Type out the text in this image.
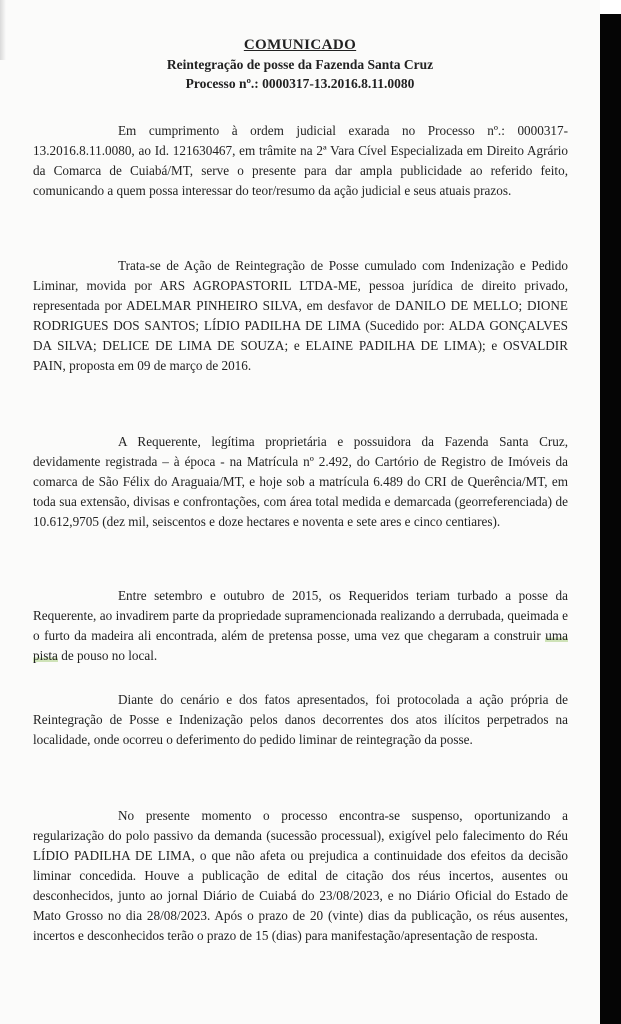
COMUNICADO
Reintegração de posse da Fazenda Santa Cruz
Processo nº.: 0000317-13.2016.8.11.0080

Em cumprimento à ordem judicial exarada no Processo nº.: 0000317-13.2016.8.11.0080, ao Id. 121630467, em trâmite na 2ª Vara Cível Especializada em Direito Agrário da Comarca de Cuiabá/MT, serve o presente para dar ampla publicidade ao referido feito, comunicando a quem possa interessar do teor/resumo da ação judicial e seus atuais prazos.

Trata-se de Ação de Reintegração de Posse cumulado com Indenização e Pedido Liminar, movida por ARS AGROPASTORIL LTDA-ME, pessoa jurídica de direito privado, representada por ADELMAR PINHEIRO SILVA, em desfavor de DANILO DE MELLO; DIONE RODRIGUES DOS SANTOS; LÍDIO PADILHA DE LIMA (Sucedido por: ALDA GONÇALVES DA SILVA; DELICE DE LIMA DE SOUZA; e ELAINE PADILHA DE LIMA); e OSVALDIR PAIN, proposta em 09 de março de 2016.

A Requerente, legítima proprietária e possuidora da Fazenda Santa Cruz, devidamente registrada – à época - na Matrícula nº 2.492, do Cartório de Registro de Imóveis da comarca de São Félix do Araguaia/MT, e hoje sob a matrícula 6.489 do CRI de Querência/MT, em toda sua extensão, divisas e confrontações, com área total medida e demarcada (georreferenciada) de 10.612,9705 (dez mil, seiscentos e doze hectares e noventa e sete ares e cinco centiares).

Entre setembro e outubro de 2015, os Requeridos teriam turbado a posse da Requerente, ao invadirem parte da propriedade supramencionada realizando a derrubada, queimada e o furto da madeira ali encontrada, além de pretensa posse, uma vez que chegaram a construir uma pista de pouso no local.

Diante do cenário e dos fatos apresentados, foi protocolada a ação própria de Reintegração de Posse e Indenização pelos danos decorrentes dos atos ilícitos perpetrados na localidade, onde ocorreu o deferimento do pedido liminar de reintegração da posse.

No presente momento o processo encontra-se suspenso, oportunizando a regularização do polo passivo da demanda (sucessão processual), exigível pelo falecimento do Réu LÍDIO PADILHA DE LIMA, o que não afeta ou prejudica a continuidade dos efeitos da decisão liminar concedida. Houve a publicação de edital de citação dos réus incertos, ausentes ou desconhecidos, junto ao jornal Diário de Cuiabá do 23/08/2023, e no Diário Oficial do Estado de Mato Grosso no dia 28/08/2023. Após o prazo de 20 (vinte) dias da publicação, os réus ausentes, incertos e desconhecidos terão o prazo de 15 (dias) para manifestação/apresentação de resposta.
